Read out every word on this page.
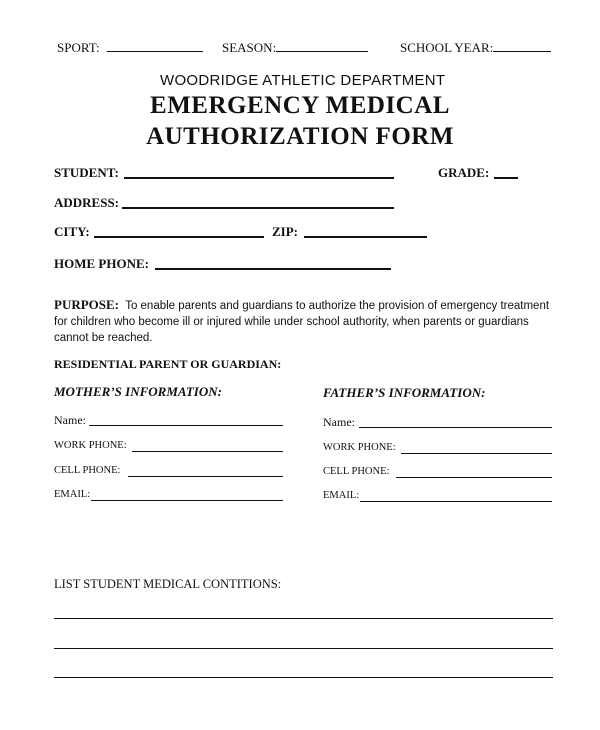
SPORT:	SEASON:	SCHOOL YEAR:
WOODRIDGE ATHLETIC DEPARTMENT
EMERGENCY MEDICAL
AUTHORIZATION FORM
STUDENT:	GRADE:
ADDRESS:
CITY:	ZIP:
HOME PHONE:
PURPOSE: To enable parents and guardians to authorize the provision of emergency treatment for children who become ill or injured while under school authority, when parents or guardians cannot be reached.
RESIDENTIAL PARENT OR GUARDIAN:
MOTHER’S INFORMATION:
Name:
WORK PHONE:
CELL PHONE:
EMAIL:
FATHER’S INFORMATION:
Name:
WORK PHONE:
CELL PHONE:
EMAIL:
LIST STUDENT MEDICAL CONTITIONS:
